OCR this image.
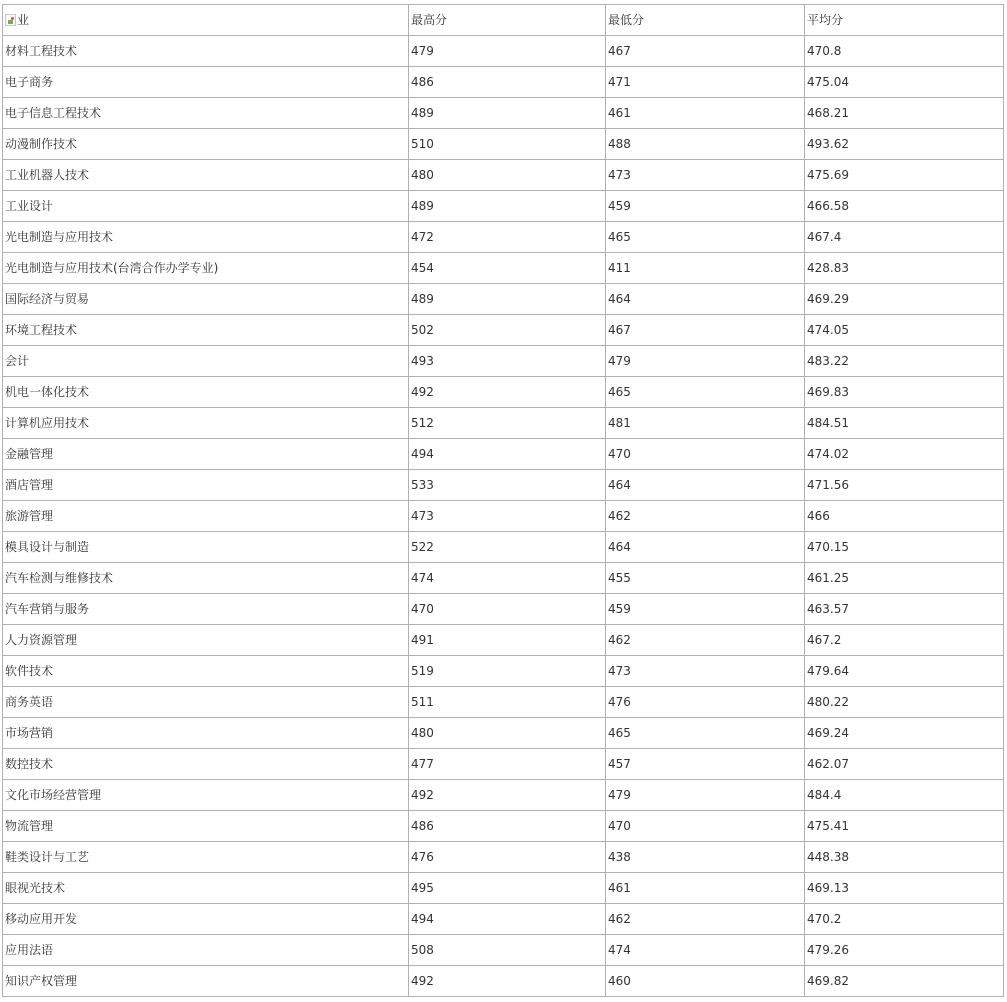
业	最高分	最低分	平均分
材料工程技术	479	467	470.8
电子商务	486	471	475.04
电子信息工程技术	489	461	468.21
动漫制作技术	510	488	493.62
工业机器人技术	480	473	475.69
工业设计	489	459	466.58
光电制造与应用技术	472	465	467.4
光电制造与应用技术(台湾合作办学专业)	454	411	428.83
国际经济与贸易	489	464	469.29
环境工程技术	502	467	474.05
会计	493	479	483.22
机电一体化技术	492	465	469.83
计算机应用技术	512	481	484.51
金融管理	494	470	474.02
酒店管理	533	464	471.56
旅游管理	473	462	466
模具设计与制造	522	464	470.15
汽车检测与维修技术	474	455	461.25
汽车营销与服务	470	459	463.57
人力资源管理	491	462	467.2
软件技术	519	473	479.64
商务英语	511	476	480.22
市场营销	480	465	469.24
数控技术	477	457	462.07
文化市场经营管理	492	479	484.4
物流管理	486	470	475.41
鞋类设计与工艺	476	438	448.38
眼视光技术	495	461	469.13
移动应用开发	494	462	470.2
应用法语	508	474	479.26
知识产权管理	492	460	469.82
